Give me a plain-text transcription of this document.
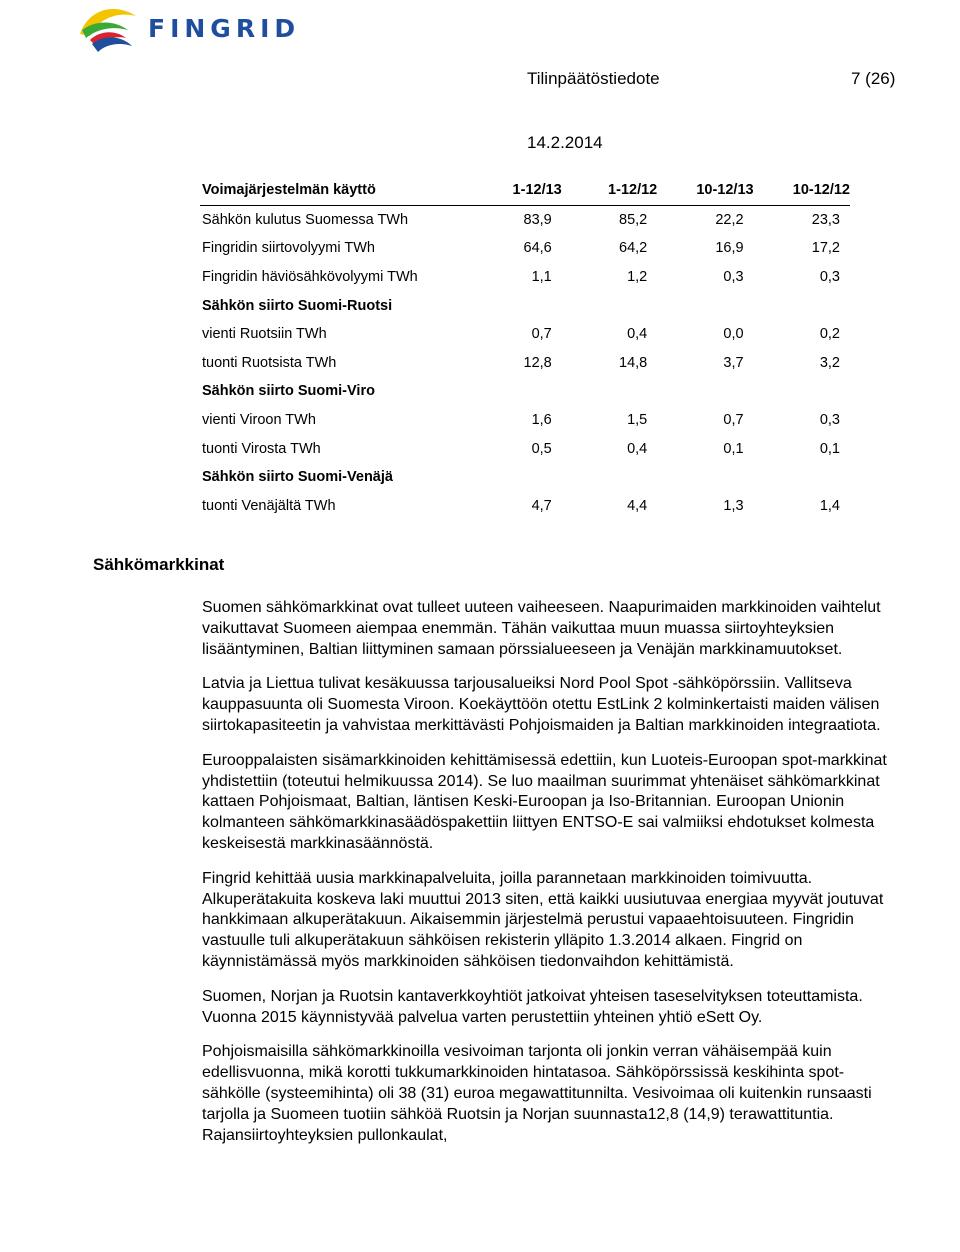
FINGRID
Tilinpäätöstiedote	7 (26)
14.2.2014
Voimajärjestelmän käyttö	1-12/13	1-12/12	10-12/13	10-12/12
Sähkön kulutus Suomessa TWh	83,9	85,2	22,2	23,3
Fingridin siirtovolyymi TWh	64,6	64,2	16,9	17,2
Fingridin häviösähkövolyymi TWh	1,1	1,2	0,3	0,3
Sähkön siirto Suomi-Ruotsi				
vienti Ruotsiin TWh	0,7	0,4	0,0	0,2
tuonti Ruotsista TWh	12,8	14,8	3,7	3,2
Sähkön siirto Suomi-Viro				
vienti Viroon TWh	1,6	1,5	0,7	0,3
tuonti Virosta TWh	0,5	0,4	0,1	0,1
Sähkön siirto Suomi-Venäjä				
tuonti Venäjältä TWh	4,7	4,4	1,3	1,4
Sähkömarkkinat

Suomen sähkömarkkinat ovat tulleet uuteen vaiheeseen. Naapurimaiden markkinoiden vaihtelut vaikuttavat Suomeen aiempaa enemmän. Tähän vaikuttaa muun muassa siirtoyhteyksien lisääntyminen, Baltian liittyminen samaan pörssialueeseen ja Venäjän markkinamuutokset.

Latvia ja Liettua tulivat kesäkuussa tarjousalueiksi Nord Pool Spot -sähköpörssiin. Vallitseva kauppasuunta oli Suomesta Viroon. Koekäyttöön otettu EstLink 2 kolminkertaisti maiden välisen siirtokapasiteetin ja vahvistaa merkittävästi Pohjoismaiden ja Baltian markkinoiden integraatiota.

Eurooppalaisten sisämarkkinoiden kehittämisessä edettiin, kun Luoteis-Euroopan spot-markkinat yhdistettiin (toteutui helmikuussa 2014). Se luo maailman suurimmat yhtenäiset sähkömarkkinat kattaen Pohjoismaat, Baltian, läntisen Keski-Euroopan ja Iso-Britannian. Euroopan Unionin kolmanteen sähkömarkkinasäädöspakettiin liittyen ENTSO-E sai valmiiksi ehdotukset kolmesta keskeisestä markkinasäännöstä.

Fingrid kehittää uusia markkinapalveluita, joilla parannetaan markkinoiden toimivuutta. Alkuperätakuita koskeva laki muuttui 2013 siten, että kaikki uusiutuvaa energiaa myyvät joutuvat hankkimaan alkuperätakuun. Aikaisemmin järjestelmä perustui vapaaehtoisuuteen. Fingridin vastuulle tuli alkuperätakuun sähköisen rekisterin ylläpito 1.3.2014 alkaen. Fingrid on käynnistämässä myös markkinoiden sähköisen tiedonvaihdon kehittämistä.

Suomen, Norjan ja Ruotsin kantaverkkoyhtiöt jatkoivat yhteisen taseselvityksen toteuttamista. Vuonna 2015 käynnistyvää palvelua varten perustettiin yhteinen yhtiö eSett Oy.

Pohjoismaisilla sähkömarkkinoilla vesivoiman tarjonta oli jonkin verran vähäisempää kuin edellisvuonna, mikä korotti tukkumarkkinoiden hintatasoa. Sähköpörssissä keskihinta spot-sähkölle (systeemihinta) oli 38 (31) euroa megawattitunnilta. Vesivoimaa oli kuitenkin runsaasti tarjolla ja Suomeen tuotiin sähköä Ruotsin ja Norjan suunnasta12,8 (14,9) terawattituntia. Rajansiirtoyhteyksien pullonkaulat,
